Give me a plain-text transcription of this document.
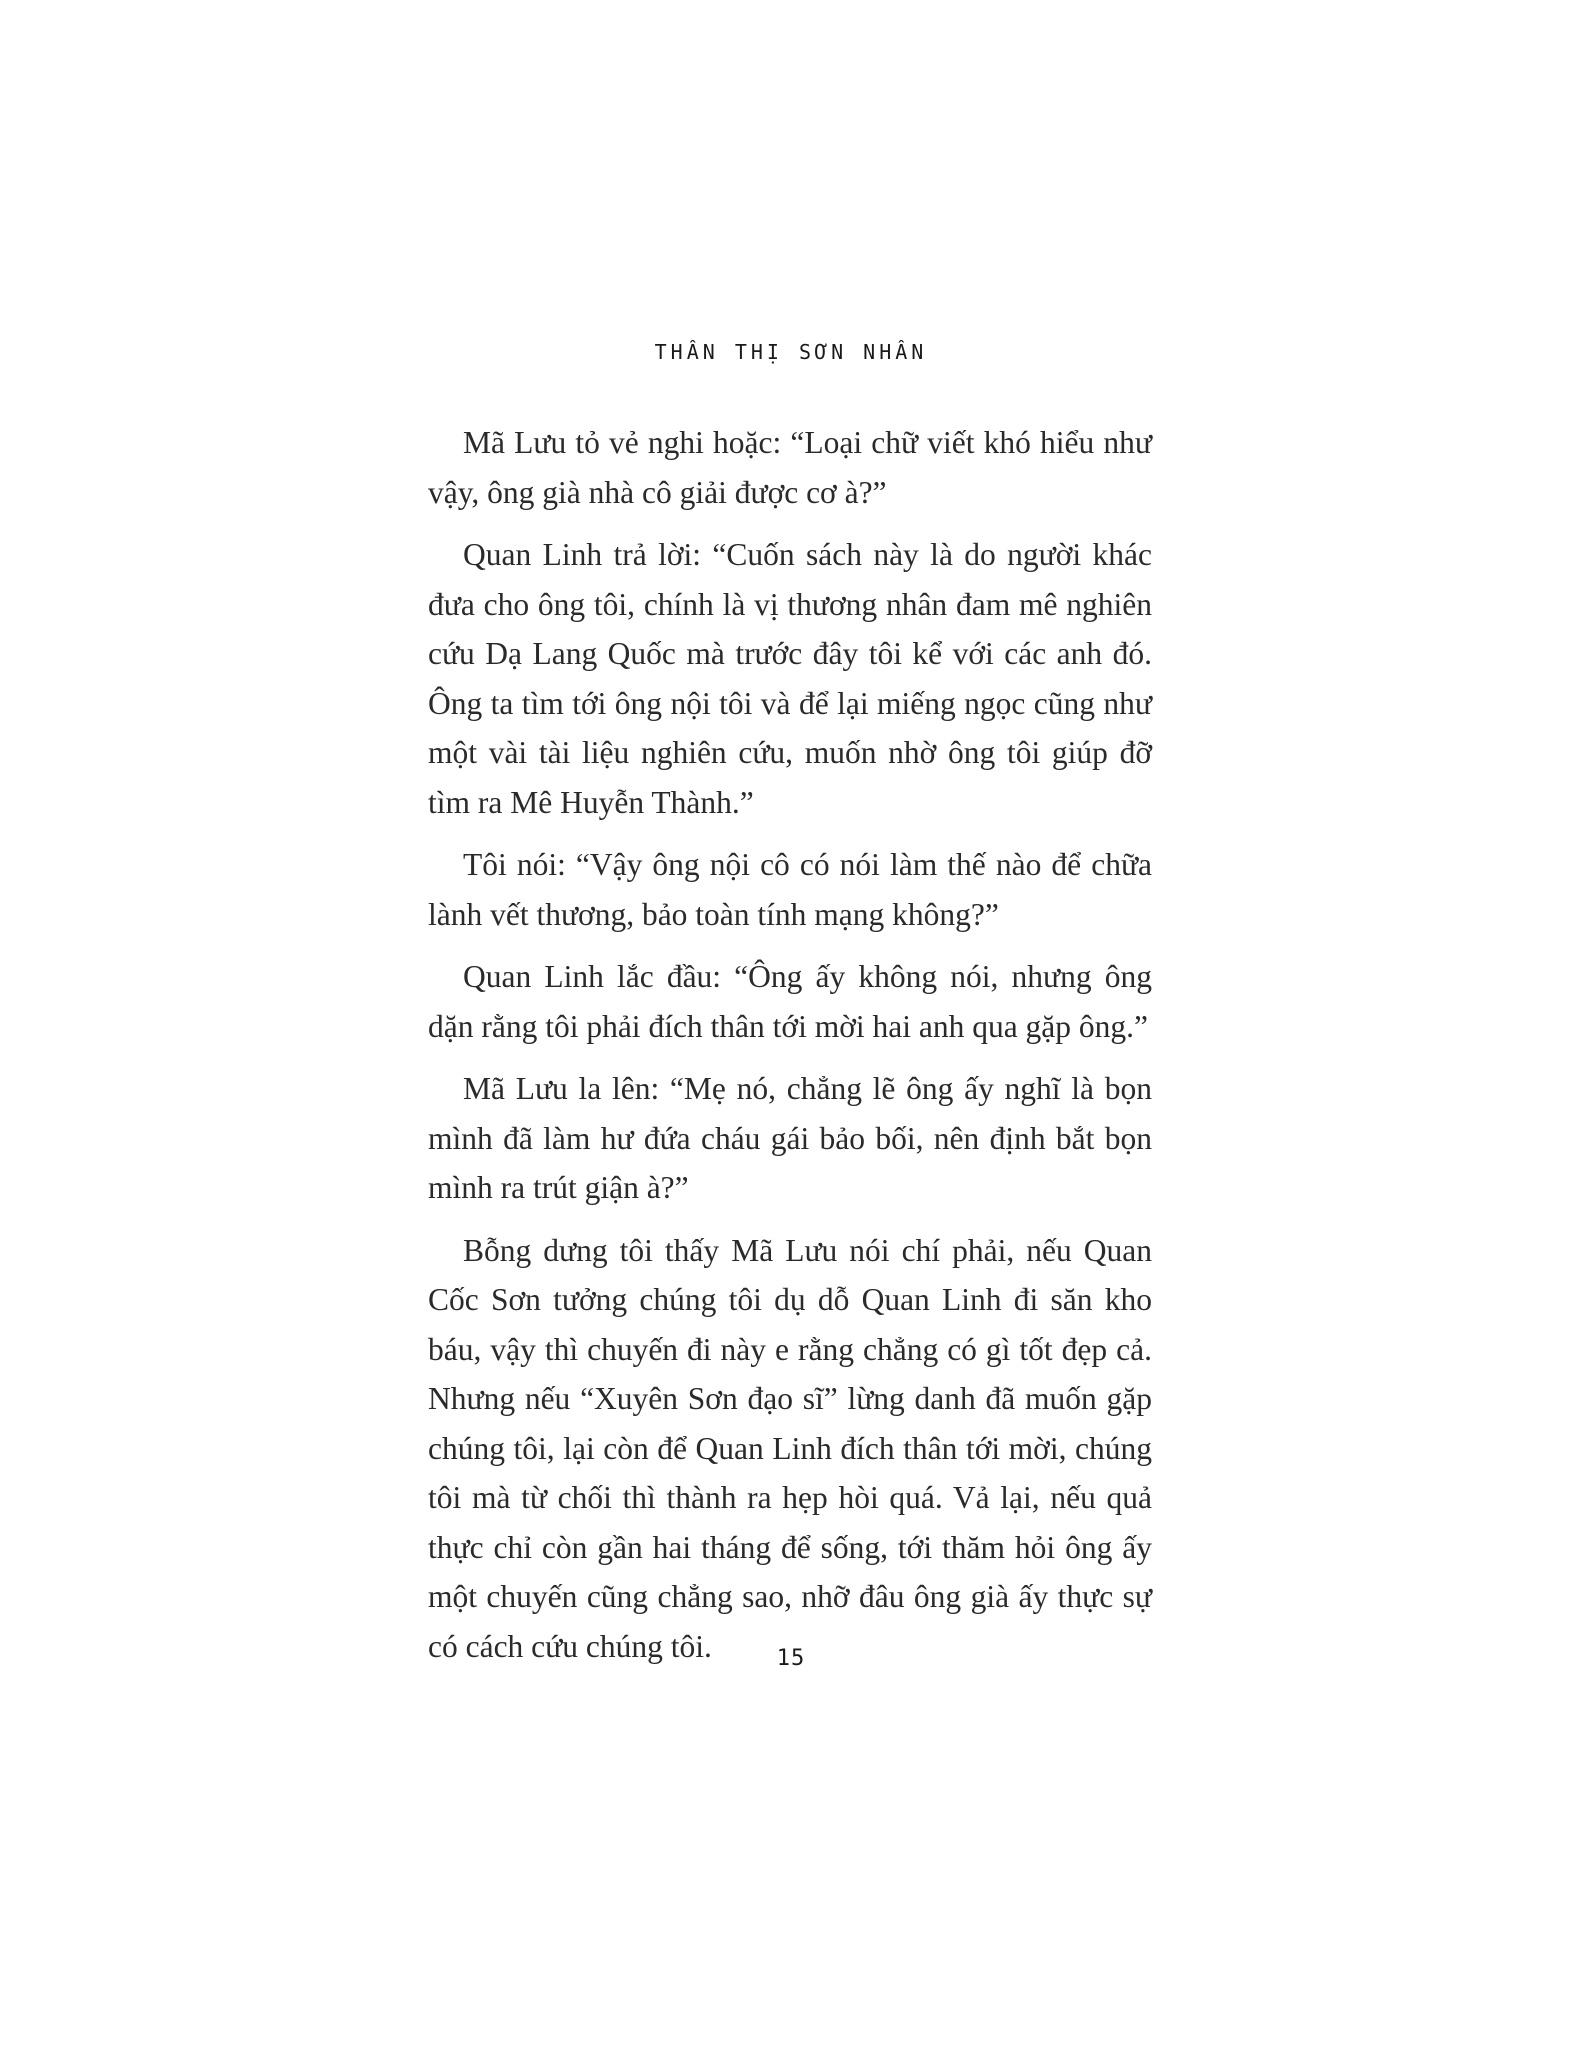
THÂN THỊ SƠN NHÂN

Mã Lưu tỏ vẻ nghi hoặc: “Loại chữ viết khó hiểu như vậy, ông già nhà cô giải được cơ à?”

Quan Linh trả lời: “Cuốn sách này là do người khác đưa cho ông tôi, chính là vị thương nhân đam mê nghiên cứu Dạ Lang Quốc mà trước đây tôi kể với các anh đó. Ông ta tìm tới ông nội tôi và để lại miếng ngọc cũng như một vài tài liệu nghiên cứu, muốn nhờ ông tôi giúp đỡ tìm ra Mê Huyễn Thành.”

Tôi nói: “Vậy ông nội cô có nói làm thế nào để chữa lành vết thương, bảo toàn tính mạng không?”

Quan Linh lắc đầu: “Ông ấy không nói, nhưng ông dặn rằng tôi phải đích thân tới mời hai anh qua gặp ông.”

Mã Lưu la lên: “Mẹ nó, chẳng lẽ ông ấy nghĩ là bọn mình đã làm hư đứa cháu gái bảo bối, nên định bắt bọn mình ra trút giận à?”

Bỗng dưng tôi thấy Mã Lưu nói chí phải, nếu Quan Cốc Sơn tưởng chúng tôi dụ dỗ Quan Linh đi săn kho báu, vậy thì chuyến đi này e rằng chẳng có gì tốt đẹp cả. Nhưng nếu “Xuyên Sơn đạo sĩ” lừng danh đã muốn gặp chúng tôi, lại còn để Quan Linh đích thân tới mời, chúng tôi mà từ chối thì thành ra hẹp hòi quá. Vả lại, nếu quả thực chỉ còn gần hai tháng để sống, tới thăm hỏi ông ấy một chuyến cũng chẳng sao, nhỡ đâu ông già ấy thực sự có cách cứu chúng tôi.	15
